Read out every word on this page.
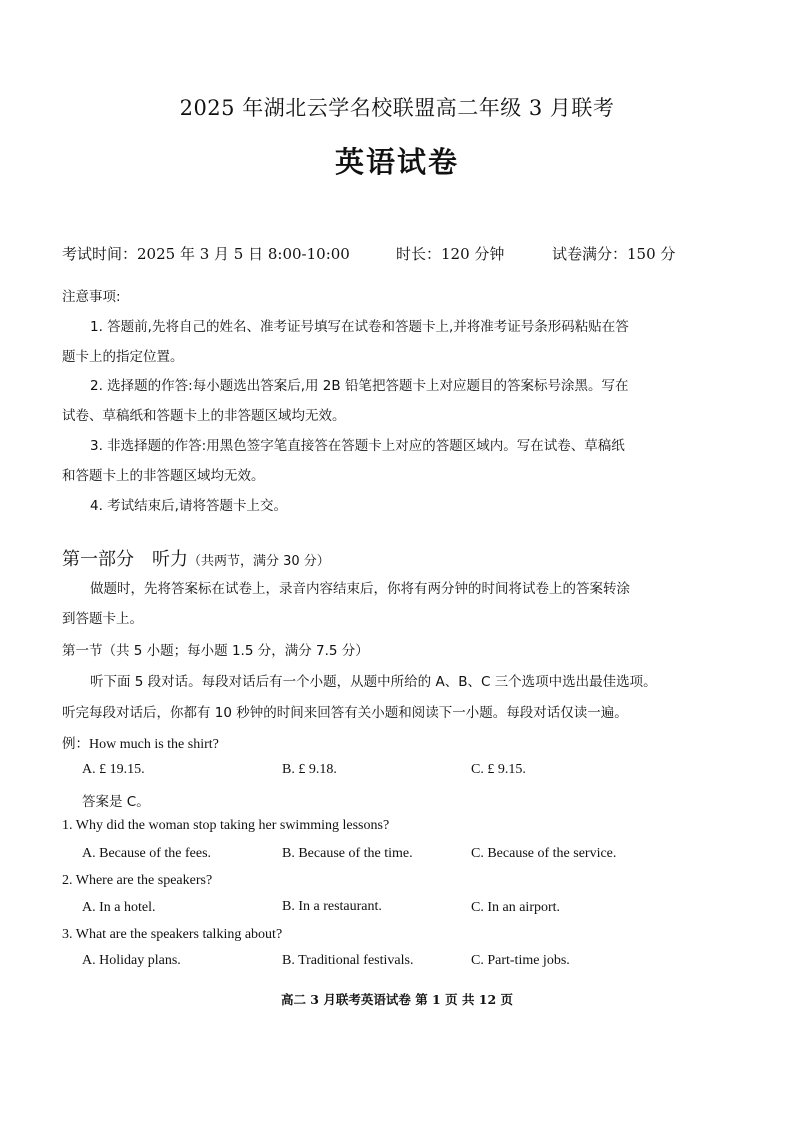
2025 年湖北云学名校联盟高二年级 3 月联考
英语试卷
考试时间：2025 年 3 月 5 日 8:00-10:00	时长：120 分钟	试卷满分：150 分
注意事项:
1. 答题前,先将自己的姓名、准考证号填写在试卷和答题卡上,并将准考证号条形码粘贴在答
题卡上的指定位置。
2. 选择题的作答:每小题选出答案后,用 2B 铅笔把答题卡上对应题目的答案标号涂黑。写在
试卷、草稿纸和答题卡上的非答题区域均无效。
3. 非选择题的作答:用黑色签字笔直接答在答题卡上对应的答题区域内。写在试卷、草稿纸
和答题卡上的非答题区域均无效。
4. 考试结束后,请将答题卡上交。
第一部分　听力（共两节，满分 30 分）
做题时，先将答案标在试卷上，录音内容结束后，你将有两分钟的时间将试卷上的答案转涂
到答题卡上。
第一节（共 5 小题；每小题 1.5 分，满分 7.5 分）
听下面 5 段对话。每段对话后有一个小题，从题中所给的 A、B、C 三个选项中选出最佳选项。
听完每段对话后，你都有 10 秒钟的时间来回答有关小题和阅读下一小题。每段对话仅读一遍。
例：How much is the shirt?
A. £ 19.15.	B. £ 9.18.	C. £ 9.15.
答案是 C。
1. Why did the woman stop taking her swimming lessons?
A. Because of the fees.	B. Because of the time.	C. Because of the service.
2. Where are the speakers?
A. In a hotel.	B. In a restaurant.	C. In an airport.
3. What are the speakers talking about?
A. Holiday plans.	B. Traditional festivals.	C. Part-time jobs.
高二 3 月联考英语试卷 第 1 页 共 12 页
